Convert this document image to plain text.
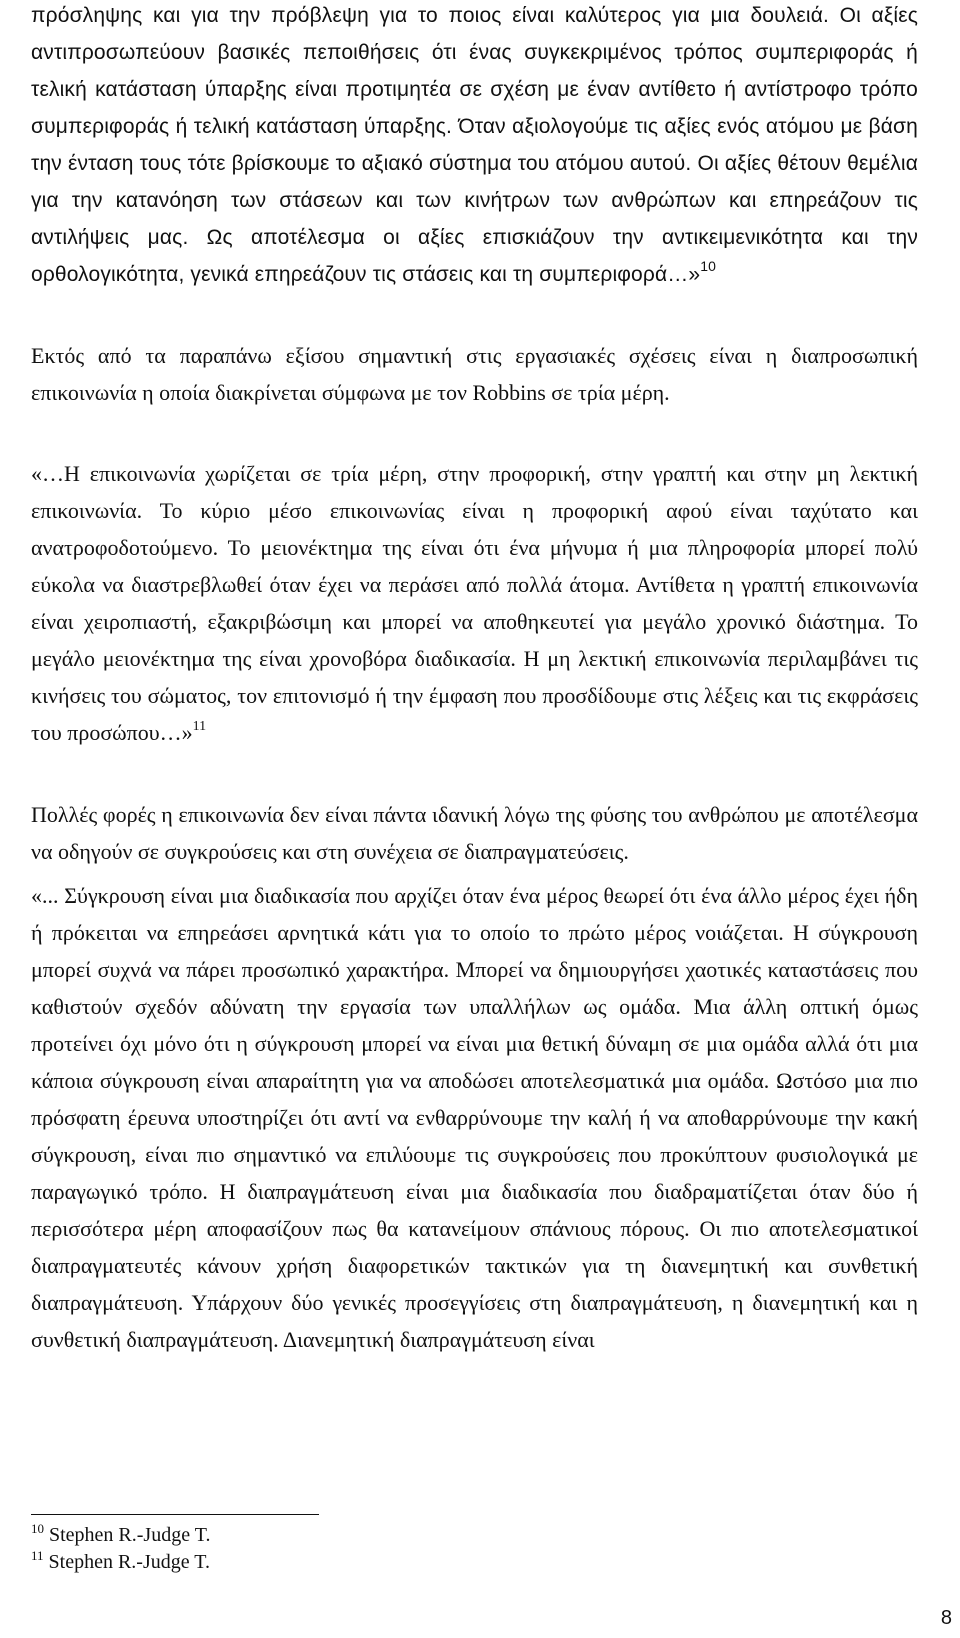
πρόσληψης και για την πρόβλεψη για το ποιος είναι καλύτερος για μια δουλειά. Οι αξίες αντιπροσωπεύουν βασικές πεποιθήσεις ότι ένας συγκεκριμένος τρόπος συμπεριφοράς ή τελική κατάσταση ύπαρξης είναι προτιμητέα σε σχέση με έναν αντίθετο ή αντίστροφο τρόπο συμπεριφοράς ή τελική κατάσταση ύπαρξης. Όταν αξιολογούμε τις αξίες ενός ατόμου με βάση την ένταση τους τότε βρίσκουμε το αξιακό σύστημα του ατόμου αυτού. Οι αξίες θέτουν θεμέλια για την κατανόηση των στάσεων και των κινήτρων των ανθρώπων και επηρεάζουν τις αντιλήψεις μας. Ως αποτέλεσμα οι αξίες επισκιάζουν την αντικειμενικότητα και την ορθολογικότητα, γενικά επηρεάζουν τις στάσεις και τη συμπεριφορά…»$^{10}$

Εκτός από τα παραπάνω εξίσου σημαντική στις εργασιακές σχέσεις είναι η διαπροσωπική επικοινωνία η οποία διακρίνεται σύμφωνα με τον Robbins σε τρία μέρη.

«…Η επικοινωνία χωρίζεται σε τρία μέρη, στην προφορική, στην γραπτή και στην μη λεκτική επικοινωνία. Το κύριο μέσο επικοινωνίας είναι η προφορική αφού είναι ταχύτατο και ανατροφοδοτούμενο. Το μειονέκτημα της είναι ότι ένα μήνυμα ή μια πληροφορία μπορεί πολύ εύκολα να διαστρεβλωθεί όταν έχει να περάσει από πολλά άτομα. Αντίθετα η γραπτή επικοινωνία είναι χειροπιαστή, εξακριβώσιμη και μπορεί να αποθηκευτεί για μεγάλο χρονικό διάστημα. Το μεγάλο μειονέκτημα της είναι χρονοβόρα διαδικασία. Η μη λεκτική επικοινωνία περιλαμβάνει τις κινήσεις του σώματος, τον επιτονισμό ή την έμφαση που προσδίδουμε στις λέξεις και τις εκφράσεις του προσώπου…»$^{11}$

Πολλές φορές η επικοινωνία δεν είναι πάντα ιδανική λόγω της φύσης του ανθρώπου με αποτέλεσμα να οδηγούν σε συγκρούσεις και στη συνέχεια σε διαπραγματεύσεις.

«... Σύγκρουση είναι μια διαδικασία που αρχίζει όταν ένα μέρος θεωρεί ότι ένα άλλο μέρος έχει ήδη ή πρόκειται να επηρεάσει αρνητικά κάτι για το οποίο το πρώτο μέρος νοιάζεται. Η σύγκρουση μπορεί συχνά να πάρει προσωπικό χαρακτήρα. Μπορεί να δημιουργήσει χαοτικές καταστάσεις που καθιστούν σχεδόν αδύνατη την εργασία των υπαλλήλων ως ομάδα. Μια άλλη οπτική όμως προτείνει όχι μόνο ότι η σύγκρουση μπορεί να είναι μια θετική δύναμη σε μια ομάδα αλλά ότι μια κάποια σύγκρουση είναι απαραίτητη για να αποδώσει αποτελεσματικά μια ομάδα. Ωστόσο μια πιο πρόσφατη έρευνα υποστηρίζει ότι αντί να ενθαρρύνουμε την καλή ή να αποθαρρύνουμε την κακή σύγκρουση, είναι πιο σημαντικό να επιλύουμε τις συγκρούσεις που προκύπτουν φυσιολογικά με παραγωγικό τρόπο. Η διαπραγμάτευση είναι μια διαδικασία που διαδραματίζεται όταν δύο ή περισσότερα μέρη αποφασίζουν πως θα κατανείμουν σπάνιους πόρους. Οι πιο αποτελεσματικοί διαπραγματευτές κάνουν χρήση διαφορετικών τακτικών για τη διανεμητική και συνθετική διαπραγμάτευση. Υπάρχουν δύο γενικές προσεγγίσεις στη διαπραγμάτευση, η διανεμητική και η συνθετική διαπραγμάτευση. Διανεμητική διαπραγμάτευση είναι

$^{10}$ Stephen R.-Judge T.
$^{11}$ Stephen R.-Judge T.
8
